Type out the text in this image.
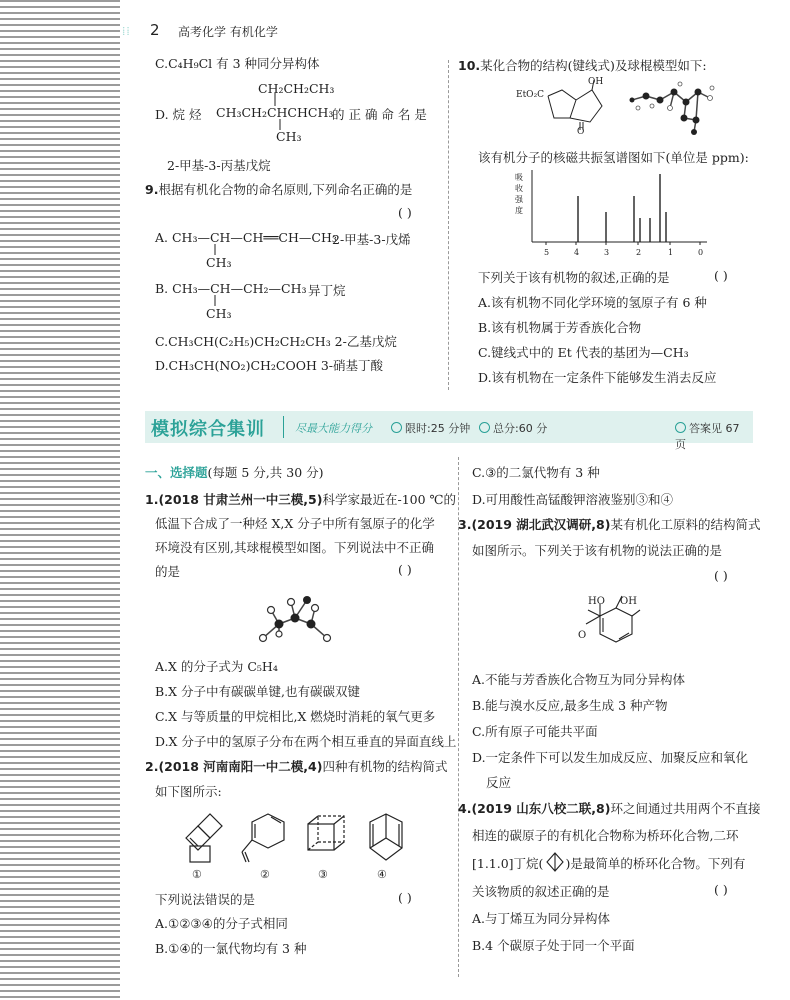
⁞⁞ 2 高考化学 有机化学
C.C₄H₉Cl 有 3 种同分异构体
CH₂CH₂CH₃
D. 烷 烃 CH₃CH₂CHCHCH₃
CH₃
的 正 确 命 名 是
2-甲基-3-丙基戊烷
9.根据有机化合物的命名原则,下列命名正确的是
( )
A. CH₃—CH—CH══CH—CH₃
CH₃
2-甲基-3-戊烯
B. CH₃—CH—CH₂—CH₃
CH₃
异丁烷
C.CH₃CH(C₂H₅)CH₂CH₂CH₃ 2-乙基戊烷
D.CH₃CH(NO₂)CH₂COOH 3-硝基丁酸
10.某化合物的结构(键线式)及球棍模型如下:
EtO₂C
OH
O
该有机分子的核磁共振氢谱图如下(单位是 ppm):
吸
收
强
度
5	4	3	2	1	0
下列关于该有机物的叙述,正确的是	( )
A.该有机物不同化学环境的氢原子有 6 种
B.该有机物属于芳香族化合物
C.键线式中的 Et 代表的基团为—CH₃
D.该有机物在一定条件下能够发生消去反应
模拟综合集训	尽最大能力得分	限时:25 分钟	总分:60 分	答案见 67 页
一、选择题(每题 5 分,共 30 分)
1.(2018 甘肃兰州一中三模,5)科学家最近在-100 ℃的
低温下合成了一种烃 X,X 分子中所有氢原子的化学
环境没有区别,其球棍模型如图。下列说法中不正确
的是	( )
A.X 的分子式为 C₅H₄
B.X 分子中有碳碳单键,也有碳碳双键
C.X 与等质量的甲烷相比,X 燃烧时消耗的氧气更多
D.X 分子中的氢原子分布在两个相互垂直的异面直线上
2.(2018 河南南阳一中二模,4)四种有机物的结构简式
如下图所示:
①	②	③	④
下列说法错误的是	( )
A.①②③④的分子式相同
B.①④的一氯代物均有 3 种
C.③的二氯代物有 3 种
D.可用酸性高锰酸钾溶液鉴别③和④
3.(2019 湖北武汉调研,8)某有机化工原料的结构简式
如图所示。下列关于该有机物的说法正确的是
( )
HO OH
O
A.不能与芳香族化合物互为同分异构体
B.能与溴水反应,最多生成 3 种产物
C.所有原子可能共平面
D.一定条件下可以发生加成反应、加聚反应和氧化
反应
4.(2019 山东八校二联,8)环之间通过共用两个不直接
相连的碳原子的有机化合物称为桥环化合物,二环
[1.1.0]丁烷( )是最简单的桥环化合物。下列有
关该物质的叙述正确的是	( )
A.与丁烯互为同分异构体
B.4 个碳原子处于同一个平面
